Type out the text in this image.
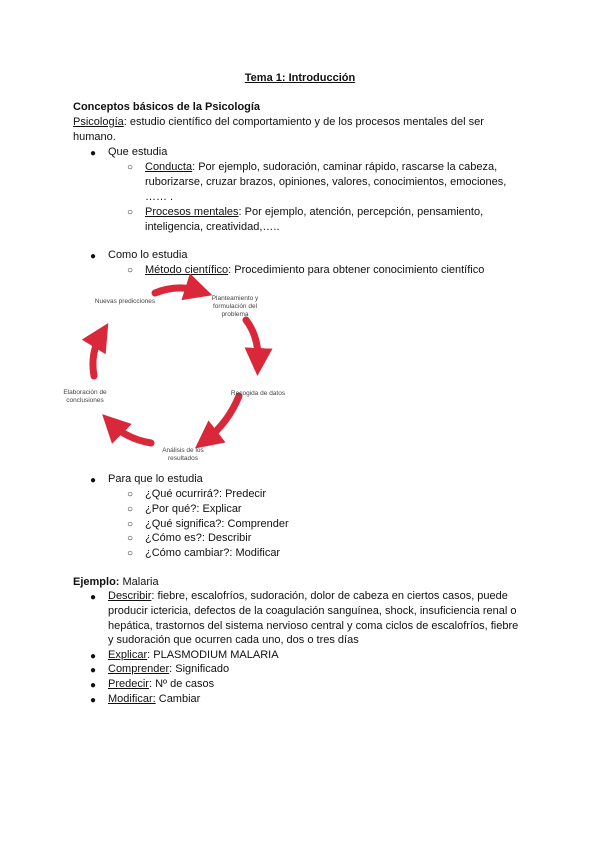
Tema 1: Introducción
Conceptos básicos de la Psicología
Psicología: estudio científico del comportamiento y de los procesos mentales del ser
humano.
● Que estudia
○ Conducta: Por ejemplo, sudoración, caminar rápido, rascarse la cabeza,
ruborizarse, cruzar brazos, opiniones, valores, conocimientos, emociones,
…… .
○ Procesos mentales: Por ejemplo, atención, percepción, pensamiento,
inteligencia, creatividad,…..
● Como lo estudia
○ Método científico: Procedimiento para obtener conocimiento científico
Planteamiento y formulación del problema
Recogida de datos
Análisis de los resultados
Elaboración de conclusiones
Nuevas predicciones
● Para que lo estudia
○ ¿Qué ocurrirá?: Predecir
○ ¿Por qué?: Explicar
○ ¿Qué significa?: Comprender
○ ¿Cómo es?: Describir
○ ¿Cómo cambiar?: Modificar
Ejemplo: Malaria
● Describir: fiebre, escalofríos, sudoración, dolor de cabeza en ciertos casos, puede
producir ictericia, defectos de la coagulación sanguínea, shock, insuficiencia renal o
hepática, trastornos del sistema nervioso central y coma ciclos de escalofríos, fiebre
y sudoración que ocurren cada uno, dos o tres días
● Explicar: PLASMODIUM MALARIA
● Comprender: Significado
● Predecir: Nº de casos
● Modificar: Cambiar
